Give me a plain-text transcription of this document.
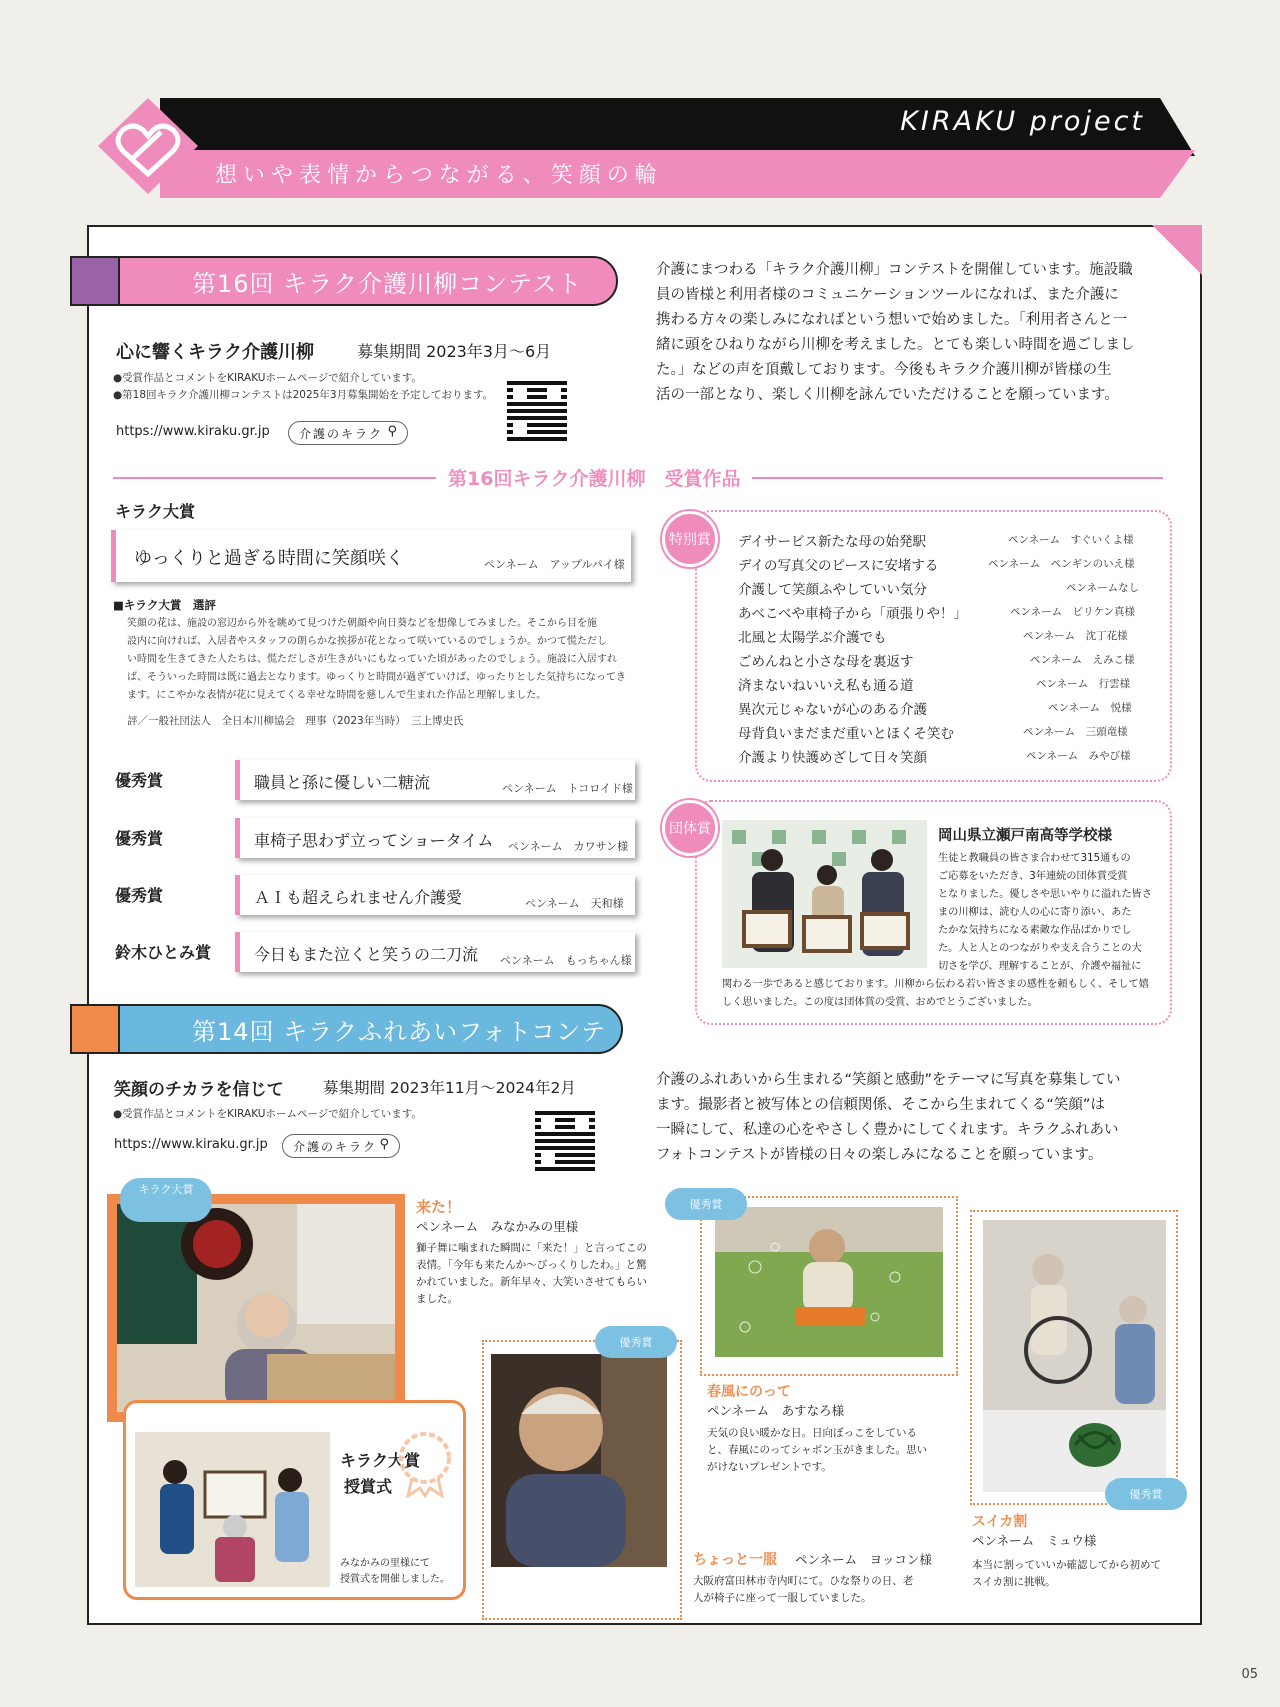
KIRAKU project
想いや表情からつながる、笑顔の輪
第16回 キラク介護川柳コンテスト
心に響くキラク介護川柳	募集期間 2023年3月～6月
●受賞作品とコメントをKIRAKUホームページで紹介しています。
●第18回キラク介護川柳コンテストは2025年3月募集開始を予定しております。
https://www.kiraku.gr.jp	介護のキラク ⚲
介護にまつわる「キラク介護川柳」コンテストを開催しています。施設職
員の皆様と利用者様のコミュニケーションツールになれば、また介護に
携わる方々の楽しみになればという想いで始めました。「利用者さんと一
緒に頭をひねりながら川柳を考えました。とても楽しい時間を過ごしまし
た。」などの声を頂戴しております。今後もキラク介護川柳が皆様の生
活の一部となり、楽しく川柳を詠んでいただけることを願っています。
第16回キラク介護川柳　受賞作品
キラク大賞
ゆっくりと過ぎる時間に笑顔咲く	ペンネーム　アップルパイ様
■キラク大賞　選評
笑顔の花は、施設の窓辺から外を眺めて見つけた朝顔や向日葵などを想像してみました。そこから目を施
設内に向ければ、入居者やスタッフの朗らかな挨拶が花となって咲いているのでしょうか。かつて慌ただし
い時間を生きてきた人たちは、慌ただしさが生きがいにもなっていた頃があったのでしょう。施設に入居すれ
ば、そういった時間は既に過去となります。ゆっくりと時間が過ぎていけば、ゆったりとした気持ちになってき
ます。にこやかな表情が花に見えてくる幸せな時間を慈しんで生まれた作品と理解しました。
評／一般社団法人　全日本川柳協会　理事（2023年当時）　三上博史氏
優秀賞	職員と孫に優しい二糖流	ペンネーム　トコロイド様
優秀賞	車椅子思わず立ってショータイム ペンネーム　カワサン様
優秀賞	ＡＩも超えられません介護愛	ペンネーム　天和様
鈴木ひとみ賞	今日もまた泣くと笑うの二刀流 ペンネーム　もっちゃん様
特別賞	デイサービス新たな母の始発駅	ペンネーム　すぐいくよ様
デイの写真父のピースに安堵する	ペンネーム　ペンギンのいえ様
介護して笑顔ふやしていい気分	ペンネームなし
あべこべや車椅子から「頑張りや！」	ペンネーム　ビリケン真様
北風と太陽学ぶ介護でも	ペンネーム　沈丁花様
ごめんねと小さな母を裏返す	ペンネーム　えみこ様
済まないねいいえ私も通る道	ペンネーム　行雲様
異次元じゃないが心のある介護	ペンネーム　悦様
母背負いまだまだ重いとほくそ笑む	ペンネーム　三頭竜様
介護より快護めざして日々笑顔	ペンネーム　みやび様
団体賞	岡山県立瀬戸南高等学校様
生徒と教職員の皆さま合わせて315通もの
ご応募をいただき、3年連続の団体賞受賞
となりました。優しさや思いやりに溢れた皆さ
まの川柳は、読む人の心に寄り添い、あた
たかな気持ちになる素敵な作品ばかりでし
た。人と人とのつながりや支え合うことの大
切さを学び、理解することが、介護や福祉に
関わる一歩であると感じております。川柳から伝わる若い皆さまの感性を頼もしく、そして嬉
しく思いました。この度は団体賞の受賞、おめでとうございました。
第14回 キラクふれあいフォトコンテスト
笑顔のチカラを信じて	募集期間 2023年11月～2024年2月
●受賞作品とコメントをKIRAKUホームページで紹介しています。
https://www.kiraku.gr.jp	介護のキラク ⚲
介護のふれあいから生まれる“笑顔と感動”をテーマに写真を募集してい
ます。撮影者と被写体との信頼関係、そこから生まれてくる“笑顔”は
一瞬にして、私達の心をやさしく豊かにしてくれます。キラクふれあい
フォトコンテストが皆様の日々の楽しみになることを願っています。
キラク大賞
来た！
ペンネーム　みなかみの里様
獅子舞に噛まれた瞬間に「来た！」と言ってこの
表情。「今年も来たんか～びっくりしたわ。」と驚
かれていました。新年早々、大笑いさせてもらい
ました。
キラク大賞
授賞式
みなかみの里様にて
授賞式を開催しました。
優秀賞
ちょっと一服 ペンネーム　ヨッコン様
大阪府富田林市寺内町にて。ひな祭りの日、老
人が椅子に座って一服していました。
優秀賞
春風にのって
ペンネーム　あすなろ様
天気の良い暖かな日。日向ぼっこをしている
と、春風にのってシャボン玉がきました。思い
がけないプレゼントです。
優秀賞
スイカ割
ペンネーム　ミュウ様
本当に割っていいか確認してから初めて
スイカ割に挑戦。
05
